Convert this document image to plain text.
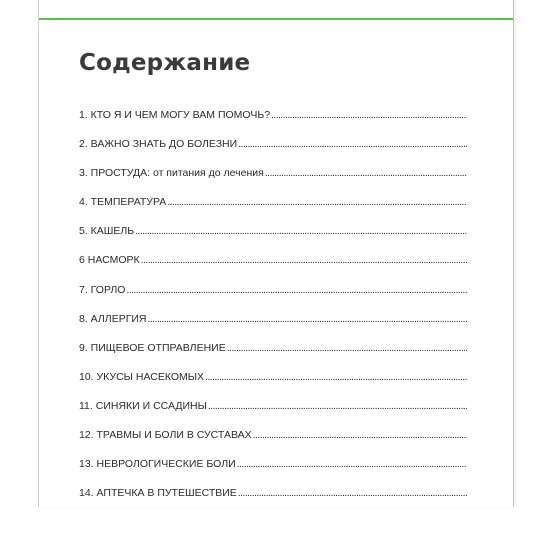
Содержание
1. КТО Я И ЧЕМ МОГУ ВАМ ПОМОЧЬ?
.....
2. ВАЖНО ЗНАТЬ ДО БОЛЕЗНИ
.....
3. ПРОСТУДА: от питания до лечения
.....
4. ТЕМПЕРАТУРА
.....
5. КАШЕЛЬ
.....
6 НАСМОРК
.....
7. ГОРЛО
.....
8. АЛЛЕРГИЯ
.....
9. ПИЩЕВОЕ ОТПРАВЛЕНИЕ
.....
10. УКУСЫ НАСЕКОМЫХ
.....
11. СИНЯКИ И ССАДИНЫ
.....
12. ТРАВМЫ И БОЛИ В СУСТАВАХ
.....
13. НЕВРОЛОГИЧЕСКИЕ БОЛИ
.....
14. АПТЕЧКА В ПУТЕШЕСТВИЕ
.....
